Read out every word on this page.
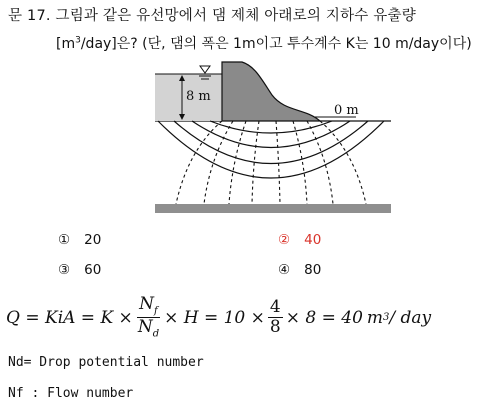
문 17. 그림과 같은 유선망에서 댐 제체 아래로의 지하수 유출량
$[m^3/day]$은? (단, 댐의 폭은 1m이고 투수계수 K는 10 m/day이다)
8 m
0 m
① 20	② 40
③ 60	④ 80
Q = KiA = $K \times \frac{N_f}{N_d} \times H = 10 \times \frac{4}{8} \times 8 = 40$ m 3 / day
Nd= Drop potential number
Nf : Flow number
